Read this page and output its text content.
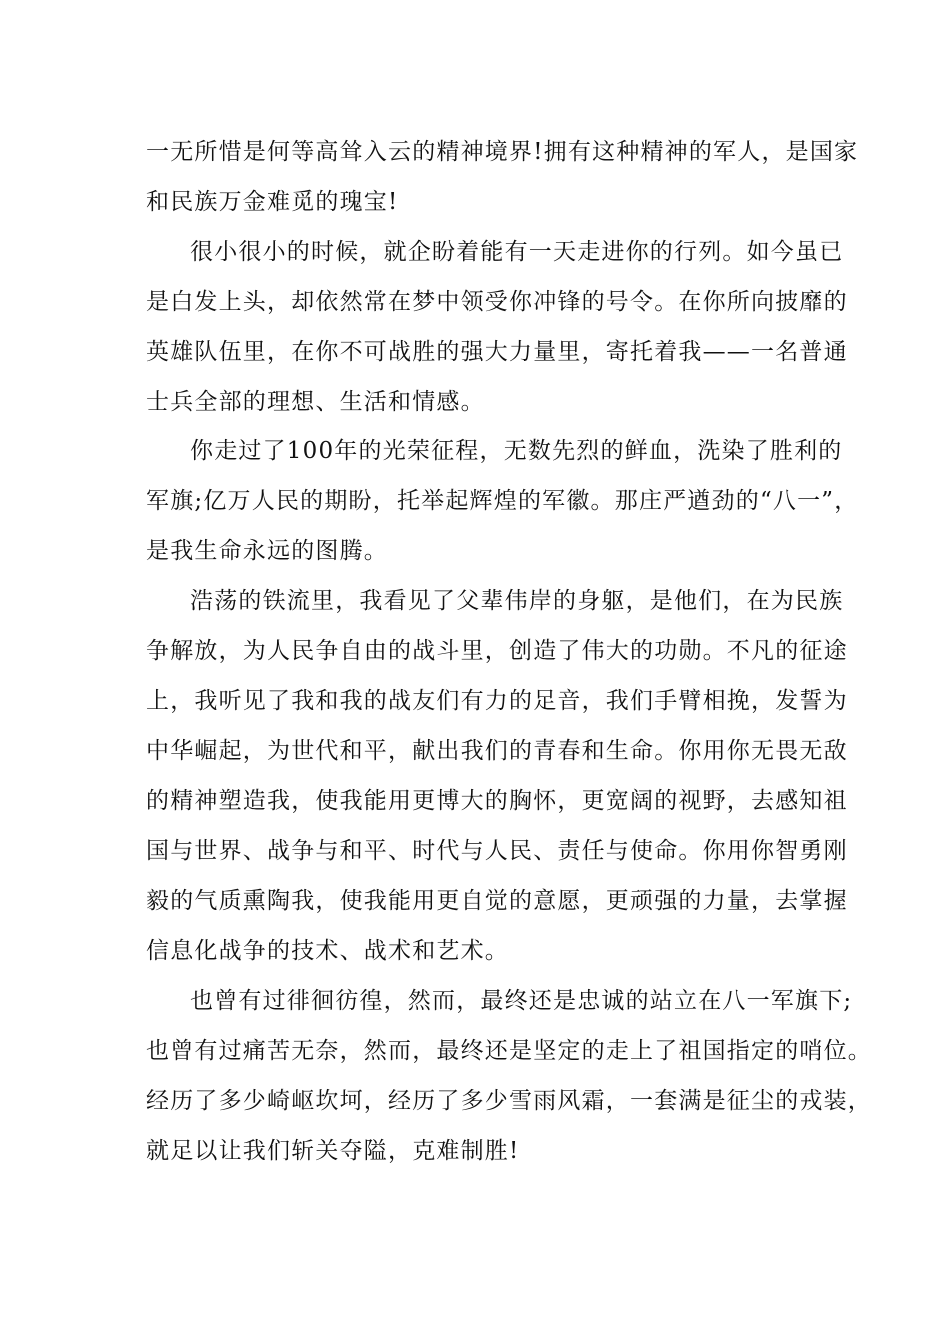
一无所惜是何等高耸入云的精神境界!拥有这种精神的军人，是国家
和民族万金难觅的瑰宝!
很小很小的时候，就企盼着能有一天走进你的行列。如今虽已
是白发上头，却依然常在梦中领受你冲锋的号令。在你所向披靡的
英雄队伍里，在你不可战胜的强大力量里，寄托着我——一名普通
士兵全部的理想、生活和情感。
你走过了100年的光荣征程，无数先烈的鲜血，洗染了胜利的
军旗;亿万人民的期盼，托举起辉煌的军徽。那庄严遒劲的“八一”，
是我生命永远的图腾。
浩荡的铁流里，我看见了父辈伟岸的身躯，是他们，在为民族
争解放，为人民争自由的战斗里，创造了伟大的功勋。不凡的征途
上，我听见了我和我的战友们有力的足音，我们手臂相挽，发誓为
中华崛起，为世代和平，献出我们的青春和生命。你用你无畏无敌
的精神塑造我，使我能用更博大的胸怀，更宽阔的视野，去感知祖
国与世界、战争与和平、时代与人民、责任与使命。你用你智勇刚
毅的气质熏陶我，使我能用更自觉的意愿，更顽强的力量，去掌握
信息化战争的技术、战术和艺术。
也曾有过徘徊彷徨，然而，最终还是忠诚的站立在八一军旗下;
也曾有过痛苦无奈，然而，最终还是坚定的走上了祖国指定的哨位。
经历了多少崎岖坎坷，经历了多少雪雨风霜，一套满是征尘的戎装，
就足以让我们斩关夺隘，克难制胜!
